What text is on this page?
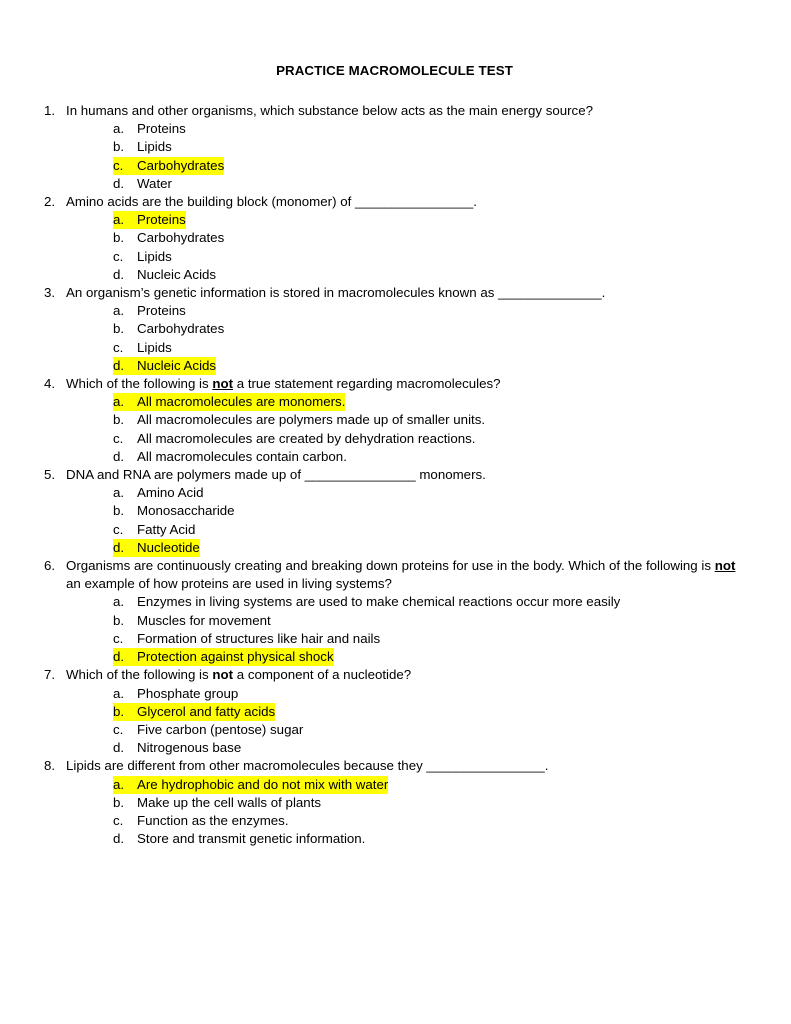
PRACTICE MACROMOLECULE TEST
1. In humans and other organisms, which substance below acts as the main energy source?
a. Proteins
b. Lipids
c. Carbohydrates
d. Water
2. Amino acids are the building block (monomer) of ________________.
a. Proteins
b. Carbohydrates
c. Lipids
d. Nucleic Acids
3. An organism’s genetic information is stored in macromolecules known as ______________.
a. Proteins
b. Carbohydrates
c. Lipids
d. Nucleic Acids
4. Which of the following is not a true statement regarding macromolecules?
a. All macromolecules are monomers.
b. All macromolecules are polymers made up of smaller units.
c. All macromolecules are created by dehydration reactions.
d. All macromolecules contain carbon.
5. DNA and RNA are polymers made up of _______________ monomers.
a. Amino Acid
b. Monosaccharide
c. Fatty Acid
d. Nucleotide
6. Organisms are continuously creating and breaking down proteins for use in the body. Which of the following is not an example of how proteins are used in living systems?
a. Enzymes in living systems are used to make chemical reactions occur more easily
b. Muscles for movement
c. Formation of structures like hair and nails
d. Protection against physical shock
7. Which of the following is not a component of a nucleotide?
a. Phosphate group
b. Glycerol and fatty acids
c. Five carbon (pentose) sugar
d. Nitrogenous base
8. Lipids are different from other macromolecules because they ________________.
a. Are hydrophobic and do not mix with water
b. Make up the cell walls of plants
c. Function as the enzymes.
d. Store and transmit genetic information.
